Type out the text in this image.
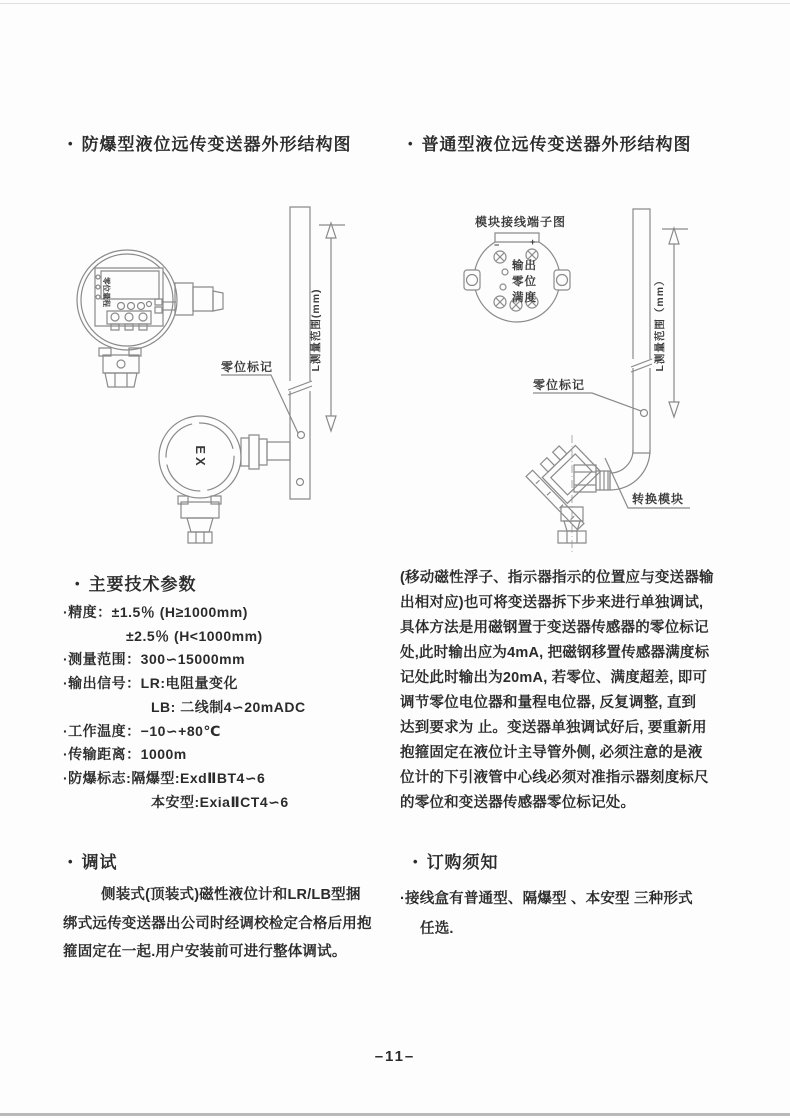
• 防爆型液位远传变送器外形结构图	• 普通型液位远传变送器外形结构图
零位标记	L测量范围(mm)
EX
零位量程
模块接线端子图
−	+
输出
零位
满度
零位标记
L测量范围（mm）
转换模块
• 主要技术参数
·精度：±1.5％ (H≥1000mm)
±2.5％ (H<1000mm)
·测量范围：300∽15000mm
·输出信号：LR:电阻量变化
LB: 二线制4∽20mADC
·工作温度：−10∽+80℃
·传输距离：1000m
·防爆标志:隔爆型:ExdⅡBT4∽6
本安型:ExiaⅡCT4∽6
(移动磁性浮子、指示器指示的位置应与变送器输
出相对应)也可将变送器拆下步来进行单独调试,
具体方法是用磁钢置于变送器传感器的零位标记
处,此时输出应为4mA, 把磁钢移置传感器满度标
记处此时输出为20mA, 若零位、满度超差, 即可
调节零位电位器和量程电位器, 反复调整, 直到
达到要求为 止。变送器单独调试好后, 要重新用
抱箍固定在液位计主导管外侧, 必须注意的是液
位计的下引液管中心线必须对准指示器刻度标尺
的零位和变送器传感器零位标记处。
• 调试
侧装式(顶装式)磁性液位计和LR/LB型捆
绑式远传变送器出公司时经调校检定合格后用抱
箍固定在一起.用户安装前可进行整体调试。
• 订购须知
·接线盒有普通型、隔爆型 、本安型 三种形式
任选.
–11–
